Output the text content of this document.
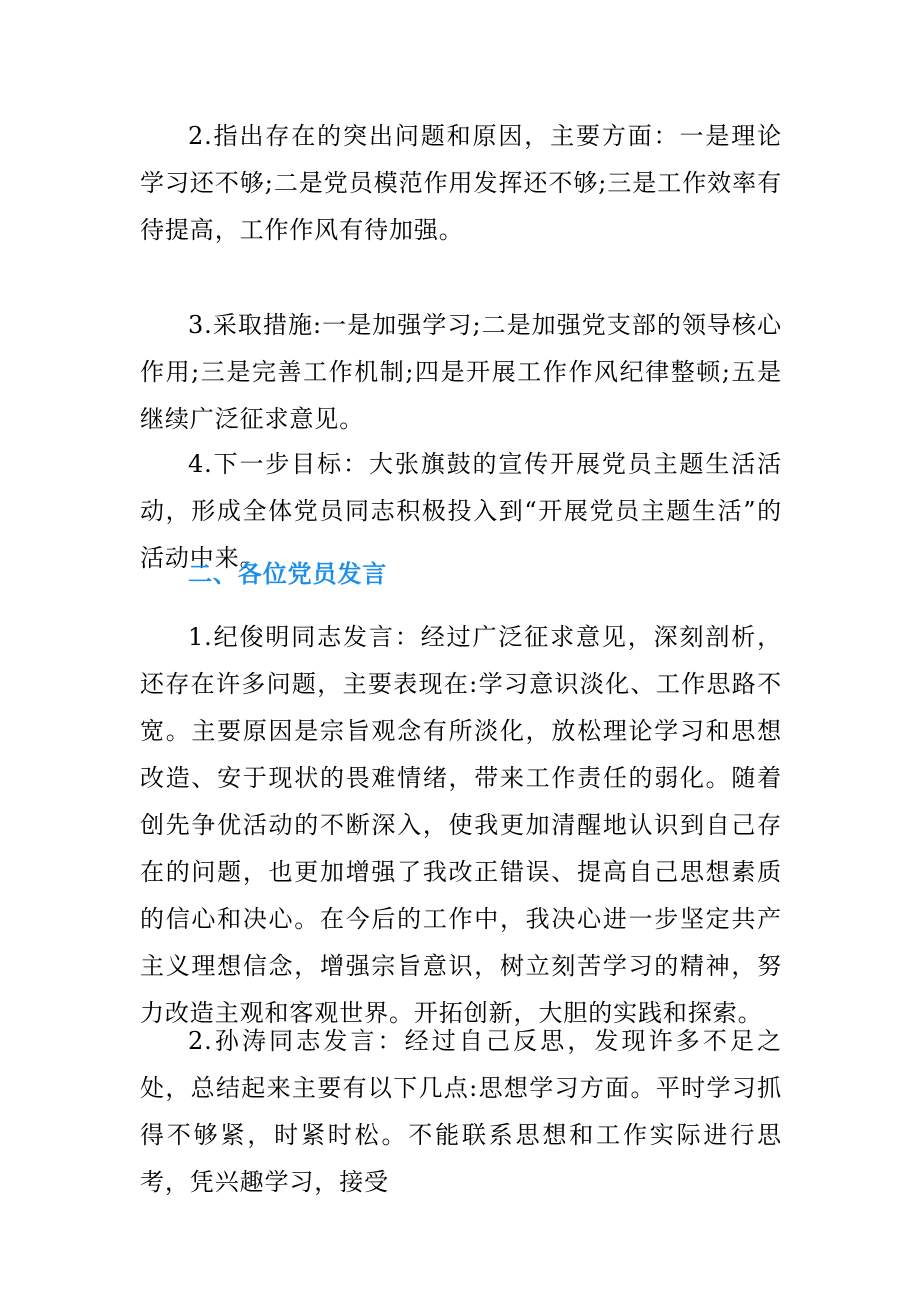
2.指出存在的突出问题和原因，主要方面：一是理论学习还不够;二是党员模范作用发挥还不够;三是工作效率有待提高，工作作风有待加强。

3.采取措施:一是加强学习;二是加强党支部的领导核心作用;三是完善工作机制;四是开展工作作风纪律整顿;五是继续广泛征求意见。

4.下一步目标：大张旗鼓的宣传开展党员主题生活活动，形成全体党员同志积极投入到“开展党员主题生活”的活动中来。

二、各位党员发言

1.纪俊明同志发言：经过广泛征求意见，深刻剖析，还存在许多问题，主要表现在:学习意识淡化、工作思路不宽。主要原因是宗旨观念有所淡化，放松理论学习和思想改造、安于现状的畏难情绪，带来工作责任的弱化。随着创先争优活动的不断深入，使我更加清醒地认识到自己存在的问题，也更加增强了我改正错误、提高自己思想素质的信心和决心。在今后的工作中，我决心进一步坚定共产主义理想信念，增强宗旨意识，树立刻苦学习的精神，努力改造主观和客观世界。开拓创新，大胆的实践和探索。

2.孙涛同志发言：经过自己反思，发现许多不足之处，总结起来主要有以下几点:思想学习方面。平时学习抓得不够紧，时紧时松。不能联系思想和工作实际进行思考，凭兴趣学习，接受
